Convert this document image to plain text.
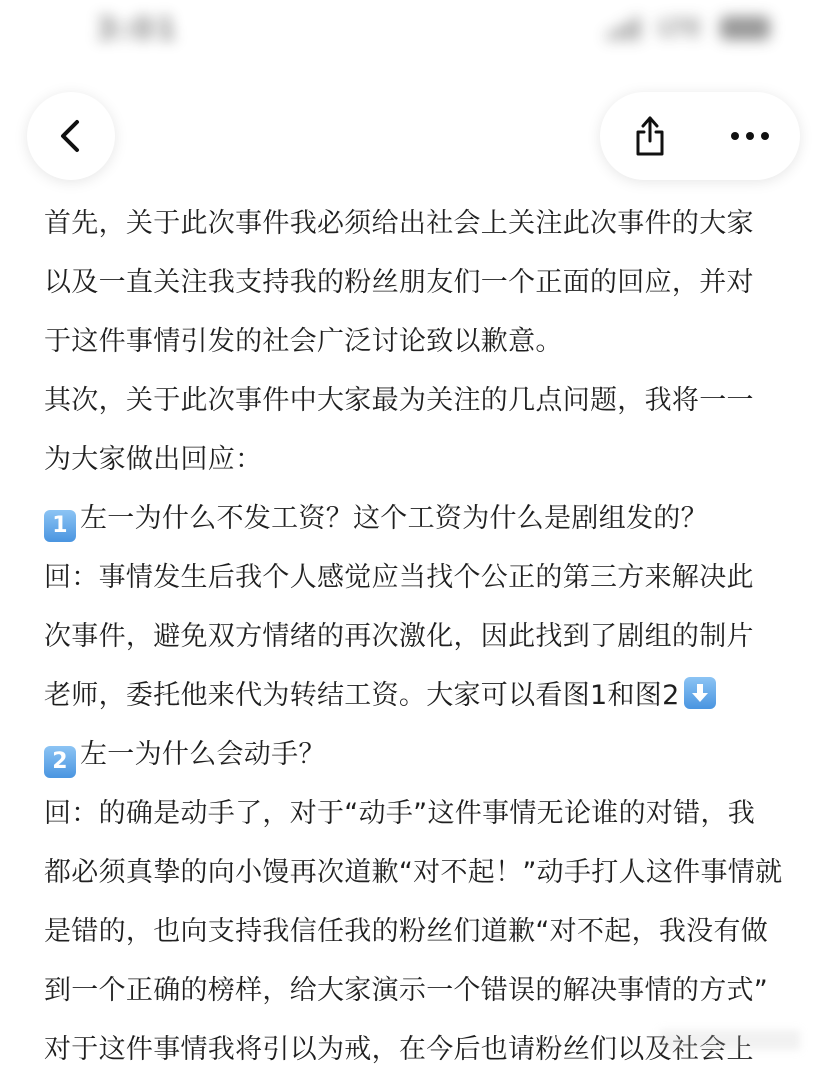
3:01	LTE
首先，关于此次事件我必须给出社会上关注此次事件的大家
以及一直关注我支持我的粉丝朋友们一个正面的回应，并对
于这件事情引发的社会广泛讨论致以歉意。
其次，关于此次事件中大家最为关注的几点问题，我将一一
为大家做出回应：
1 左一为什么不发工资？这个工资为什么是剧组发的？
回：事情发生后我个人感觉应当找个公正的第三方来解决此
次事件，避免双方情绪的再次激化，因此找到了剧组的制片
老师，委托他来代为转结工资。大家可以看图1和图2
2 左一为什么会动手？
回：的确是动手了，对于“动手”这件事情无论谁的对错，我
都必须真挚的向小馒再次道歉“对不起！”动手打人这件事情就
是错的，也向支持我信任我的粉丝们道歉“对不起，我没有做
到一个正确的榜样，给大家演示一个错误的解决事情的方式”
对于这件事情我将引以为戒，在今后也请粉丝们以及社会上
